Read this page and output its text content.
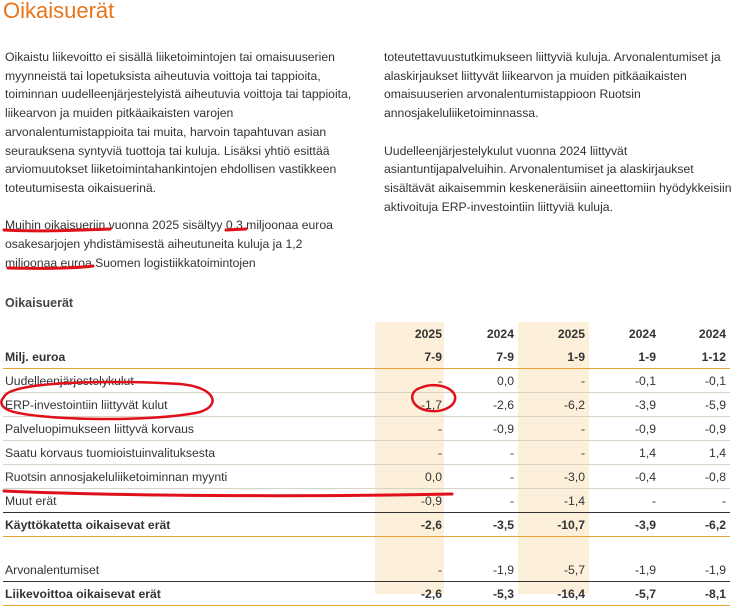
Oikaisuerät

Oikaistu liikevoitto ei sisällä liiketoimintojen tai omaisuuserien myynneistä tai lopetuksista aiheutuvia voittoja tai tappioita, toiminnan uudelleenjärjestelyistä aiheutuvia voittoja tai tappioita, liikearvon ja muiden pitkäaikaisten varojen arvonalentumistappioita tai muita, harvoin tapahtuvan asian seurauksena syntyviä tuottoja tai kuluja. Lisäksi yhtiö esittää arviomuutokset liiketoimintahankintojen ehdollisen vastikkeen toteutumisesta oikaisuerinä.

Muihin oikaisueriin vuonna 2025 sisältyy 0,3 miljoonaa euroa osakesarjojen yhdistämisestä aiheutuneita kuluja ja 1,2 miljoonaa euroa Suomen logistiikkatoimintojen

toteutettavuustutkimukseen liittyviä kuluja. Arvonalentumiset ja alaskirjaukset liittyvät liikearvon ja muiden pitkäaikaisten omaisuuserien arvonalentumistappioon Ruotsin annosjakeluliiketoiminnassa.

Uudelleenjärjestelykulut vuonna 2024 liittyvät asiantuntijapalveluihin. Arvonalentumiset ja alaskirjaukset sisältävät aikaisemmin keskeneräisiin aineettomiin hyödykkeisiin aktivoituja ERP-investointiin liittyviä kuluja.

Oikaisuerät
	2025	2024	2025	2024	2024
Milj. euroa	7-9	7-9	1-9	1-9	1-12
Uudelleenjärjestelykulut	-	0,0	-	-0,1	-0,1
ERP-investointiin liittyvät kulut	-1,7	-2,6	-6,2	-3,9	-5,9
Palveluopimukseen liittyvä korvaus	-	-0,9	-	-0,9	-0,9
Saatu korvaus tuomioistuinvalituksesta	-	-	-	1,4	1,4
Ruotsin annosjakeluliiketoiminnan myynti	0,0	-	-3,0	-0,4	-0,8
Muut erät	-0,9	-	-1,4	-	-
Käyttökatetta oikaisevat erät	-2,6	-3,5	-10,7	-3,9	-6,2

Arvonalentumiset	-	-1,9	-5,7	-1,9	-1,9
Liikevoittoa oikaisevat erät	-2,6	-5,3	-16,4	-5,7	-8,1
